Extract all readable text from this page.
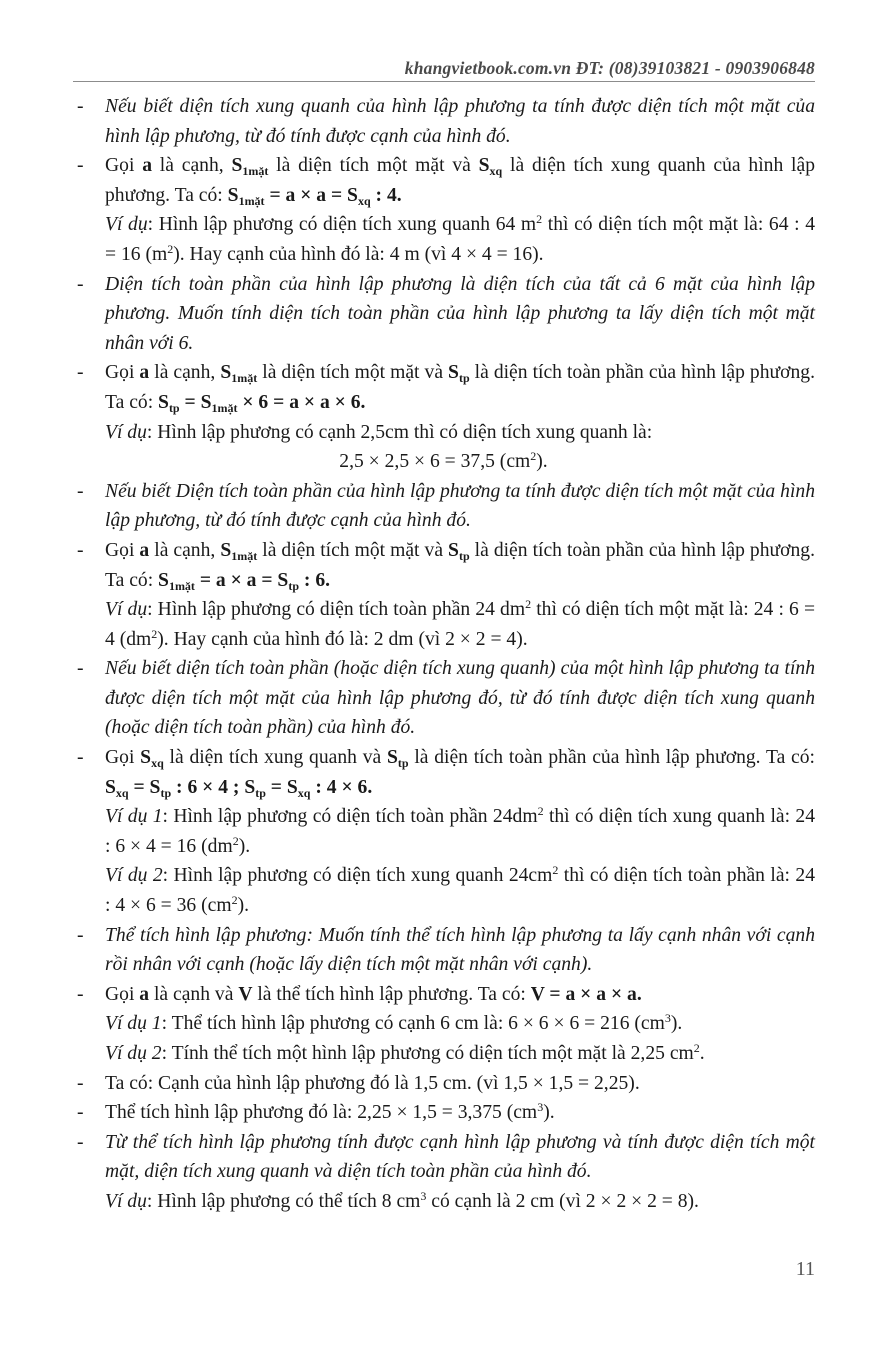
khangvietbook.com.vn ĐT: (08)39103821 - 0903906848
- Nếu biết diện tích xung quanh của hình lập phương ta tính được diện tích một mặt của hình lập phương, từ đó tính được cạnh của hình đó.
- Gọi a là cạnh, $S_{1mặt}$ là diện tích một mặt và $S_{xq}$ là diện tích xung quanh của hình lập phương. Ta có: $S_{1mặt} = a \times a = S_{xq}$ : 4.
Ví dụ: Hình lập phương có diện tích xung quanh 64 $m^2$ thì có diện tích một mặt là: 64 : 4 = 16 $(m^2)$. Hay cạnh của hình đó là: 4 m (vì 4 × 4 = 16).
- Diện tích toàn phần của hình lập phương là diện tích của tất cả 6 mặt của hình lập phương. Muốn tính diện tích toàn phần của hình lập phương ta lấy diện tích một mặt nhân với 6.
- Gọi a là cạnh, $S_{1mặt}$ là diện tích một mặt và $S_{tp}$ là diện tích toàn phần của hình lập phương. Ta có: $S_{tp} = S_{1mặt} \times 6 = a \times a \times 6$.
Ví dụ: Hình lập phương có cạnh 2,5cm thì có diện tích xung quanh là:
2,5 × 2,5 × 6 = 37,5 $(cm^2)$.
- Nếu biết Diện tích toàn phần của hình lập phương ta tính được diện tích một mặt của hình lập phương, từ đó tính được cạnh của hình đó.
- Gọi a là cạnh, $S_{1mặt}$ là diện tích một mặt và $S_{tp}$ là diện tích toàn phần của hình lập phương. Ta có: $S_{1mặt} = a \times a = S_{tp}$ : 6.
Ví dụ: Hình lập phương có diện tích toàn phần 24 $dm^2$ thì có diện tích một mặt là: 24 : 6 = 4 $(dm^2)$. Hay cạnh của hình đó là: 2 dm (vì 2 × 2 = 4).
- Nếu biết diện tích toàn phần (hoặc diện tích xung quanh) của một hình lập phương ta tính được diện tích một mặt của hình lập phương đó, từ đó tính được diện tích xung quanh (hoặc diện tích toàn phần) của hình đó.
- Gọi $S_{xq}$ là diện tích xung quanh và $S_{tp}$ là diện tích toàn phần của hình lập phương. Ta có: $S_{xq} = S_{tp}$ : 6 × 4 ; $S_{tp} = S_{xq}$ : 4 × 6.
Ví dụ 1: Hình lập phương có diện tích toàn phần $24dm^2$ thì có diện tích xung quanh là: 24 : 6 × 4 = 16 $(dm^2)$.
Ví dụ 2: Hình lập phương có diện tích xung quanh $24cm^2$ thì có diện tích toàn phần là: 24 : 4 × 6 = 36 $(cm^2)$.
- Thể tích hình lập phương: Muốn tính thể tích hình lập phương ta lấy cạnh nhân với cạnh rồi nhân với cạnh (hoặc lấy diện tích một mặt nhân với cạnh).
- Gọi a là cạnh và V là thể tích hình lập phương. Ta có: V = a × a × a.
Ví dụ 1: Thể tích hình lập phương có cạnh 6 cm là: 6 × 6 × 6 = 216 $(cm^3)$.
Ví dụ 2: Tính thể tích một hình lập phương có diện tích một mặt là 2,25 $cm^2$.
- Ta có: Cạnh của hình lập phương đó là 1,5 cm. (vì 1,5 × 1,5 = 2,25).
- Thể tích hình lập phương đó là: 2,25 × 1,5 = 3,375 $(cm^3)$.
- Từ thể tích hình lập phương tính được cạnh hình lập phương và tính được diện tích một mặt, diện tích xung quanh và diện tích toàn phần của hình đó.
Ví dụ: Hình lập phương có thể tích 8 $cm^3$ có cạnh là 2 cm (vì 2 × 2 × 2 = 8).
11
